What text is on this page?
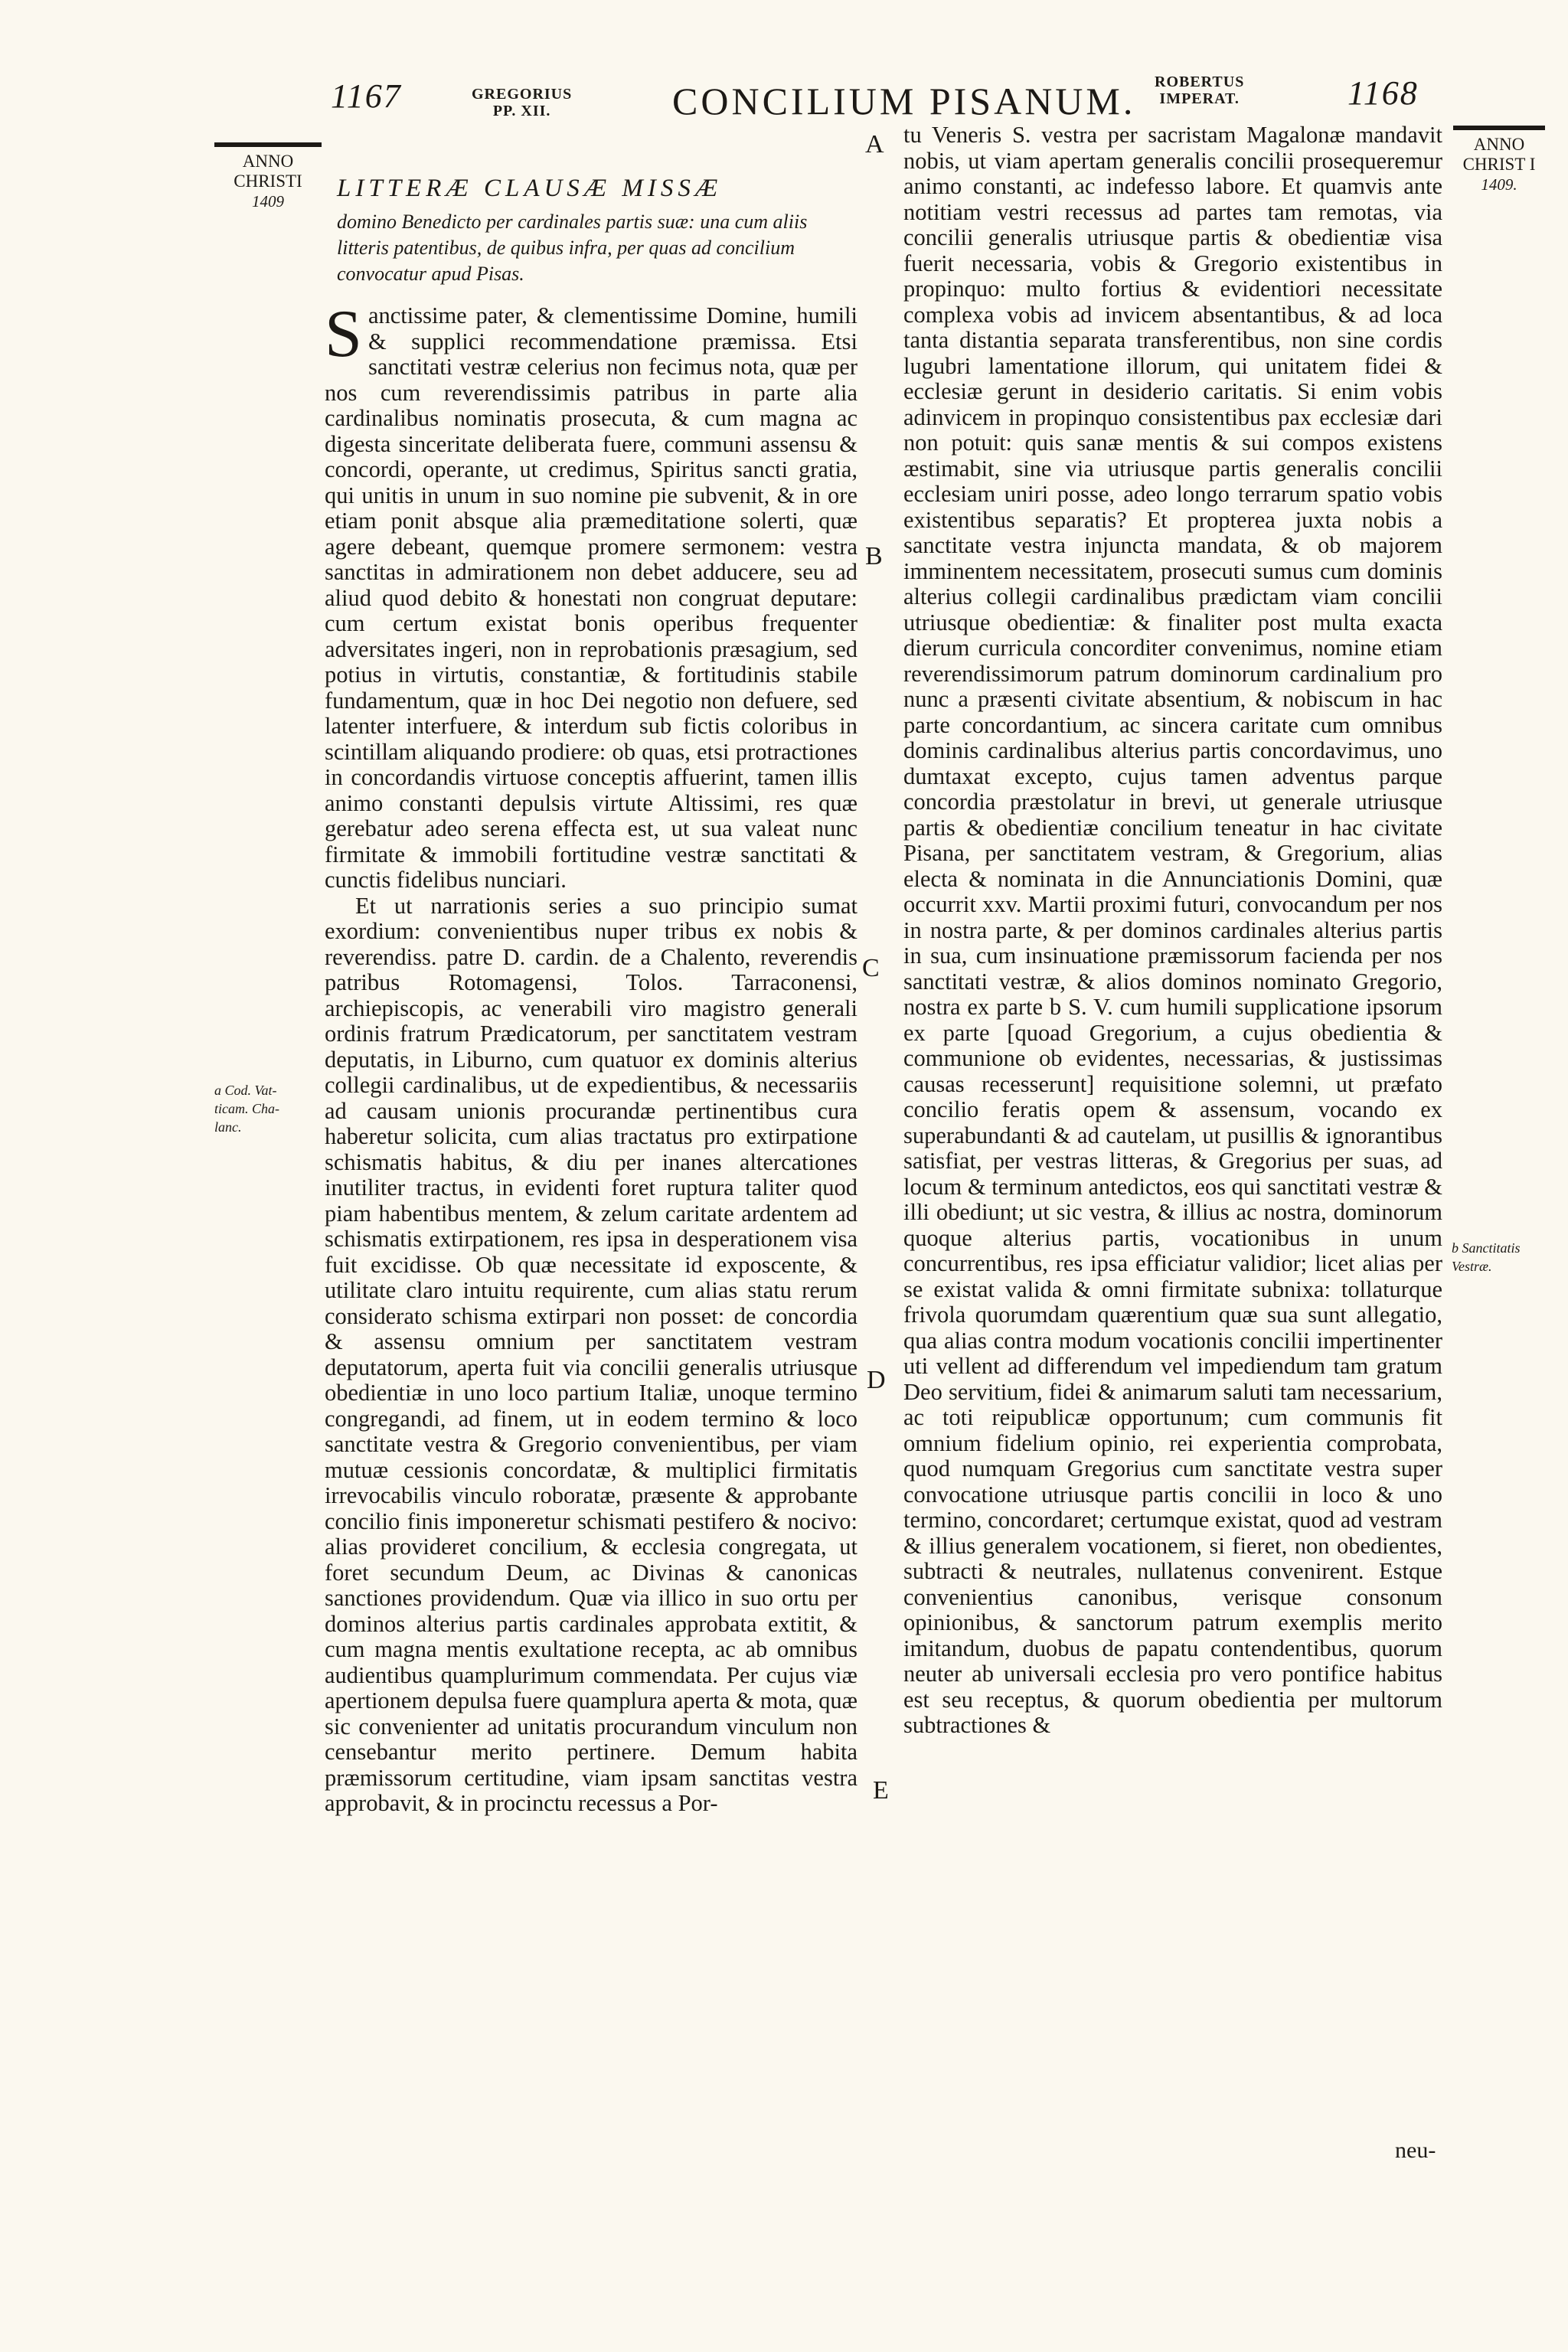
1167	GREGORIUS
PP. XII.	CONCILIUM PISANUM. ROBERTUS
IMPERAT.	1168
ANNO
CHRISTI
1409
a Cod. Vat-
ticam. Cha-
lanc.
ANNO
CHRIST I
1409.
b Sanctitatis
Vestræ.
A
B
C
D
E
LITTERÆ CLAUSÆ MISSÆ
domino Benedicto per cardinales partis suæ: una cum aliis litteris patentibus, de quibus infra, per quas ad concilium convocatur apud Pisas.

Sanctissime pater, & clementissime Domine, humili & supplici recommendatione præmissa. Etsi sanctitati vestræ celerius non fecimus nota, quæ per nos cum reverendissimis patribus in parte alia cardinalibus nominatis prosecuta, & cum magna ac digesta sinceritate deliberata fuere, communi assensu & concordi, operante, ut credimus, Spiritus sancti gratia, qui unitis in unum in suo nomine pie subvenit, & in ore etiam ponit absque alia præmeditatione solerti, quæ agere debeant, quemque promere sermonem: vestra sanctitas in admirationem non debet adducere, seu ad aliud quod debito & honestati non congruat deputare: cum certum existat bonis operibus frequenter adversitates ingeri, non in reprobationis præsagium, sed potius in virtutis, constantiæ, & fortitudinis stabile fundamentum, quæ in hoc Dei negotio non defuere, sed latenter interfuere, & interdum sub fictis coloribus in scintillam aliquando prodiere: ob quas, etsi protractiones in concordandis virtuose conceptis affuerint, tamen illis animo constanti depulsis virtute Altissimi, res quæ gerebatur adeo serena effecta est, ut sua valeat nunc firmitate & immobili fortitudine vestræ sanctitati & cunctis fidelibus nunciari.

Et ut narrationis series a suo principio sumat exordium: convenientibus nuper tribus ex nobis & reverendiss. patre D. cardin. de a Chalento, reverendis patribus Rotomagensi, Tolos. Tarraconensi, archiepiscopis, ac venerabili viro magistro generali ordinis fratrum Prædicatorum, per sanctitatem vestram deputatis, in Liburno, cum quatuor ex dominis alterius collegii cardinalibus, ut de expedientibus, & necessariis ad causam unionis procurandæ pertinentibus cura haberetur solicita, cum alias tractatus pro extirpatione schismatis habitus, & diu per inanes altercationes inutiliter tractus, in evidenti foret ruptura taliter quod piam habentibus mentem, & zelum caritate ardentem ad schismatis extirpationem, res ipsa in desperationem visa fuit excidisse. Ob quæ necessitate id exposcente, & utilitate claro intuitu requirente, cum alias statu rerum considerato schisma extirpari non posset: de concordia & assensu omnium per sanctitatem vestram deputatorum, aperta fuit via concilii generalis utriusque obedientiæ in uno loco partium Italiæ, unoque termino congregandi, ad finem, ut in eodem termino & loco sanctitate vestra & Gregorio convenientibus, per viam mutuæ cessionis concordatæ, & multiplici firmitatis irrevocabilis vinculo roboratæ, præsente & approbante concilio finis imponeretur schismati pestifero & nocivo: alias provideret concilium, & ecclesia congregata, ut foret secundum Deum, ac Divinas & canonicas sanctiones providendum. Quæ via illico in suo ortu per dominos alterius partis cardinales approbata extitit, & cum magna mentis exultatione recepta, ac ab omnibus audientibus quamplurimum commendata. Per cujus viæ apertionem depulsa fuere quamplura aperta & mota, quæ sic convenienter ad unitatis procurandum vinculum non censebantur merito pertinere. Demum habita præmissorum certitudine, viam ipsam sanctitas vestra approbavit, & in procinctu recessus a Por-

tu Veneris S. vestra per sacristam Magalonæ mandavit nobis, ut viam apertam generalis concilii prosequeremur animo constanti, ac indefesso labore. Et quamvis ante notitiam vestri recessus ad partes tam remotas, via concilii generalis utriusque partis & obedientiæ visa fuerit necessaria, vobis & Gregorio existentibus in propinquo: multo fortius & evidentiori necessitate complexa vobis ad invicem absentantibus, & ad loca tanta distantia separata transferentibus, non sine cordis lugubri lamentatione illorum, qui unitatem fidei & ecclesiæ gerunt in desiderio caritatis. Si enim vobis adinvicem in propinquo consistentibus pax ecclesiæ dari non potuit: quis sanæ mentis & sui compos existens æstimabit, sine via utriusque partis generalis concilii ecclesiam uniri posse, adeo longo terrarum spatio vobis existentibus separatis? Et propterea juxta nobis a sanctitate vestra injuncta mandata, & ob majorem imminentem necessitatem, prosecuti sumus cum dominis alterius collegii cardinalibus prædictam viam concilii utriusque obedientiæ: & finaliter post multa exacta dierum curricula concorditer convenimus, nomine etiam reverendissimorum patrum dominorum cardinalium pro nunc a præsenti civitate absentium, & nobiscum in hac parte concordantium, ac sincera caritate cum omnibus dominis cardinalibus alterius partis concordavimus, uno dumtaxat excepto, cujus tamen adventus parque concordia præstolatur in brevi, ut generale utriusque partis & obedientiæ concilium teneatur in hac civitate Pisana, per sanctitatem vestram, & Gregorium, alias electa & nominata in die Annunciationis Domini, quæ occurrit xxv. Martii proximi futuri, convocandum per nos in nostra parte, & per dominos cardinales alterius partis in sua, cum insinuatione præmissorum facienda per nos sanctitati vestræ, & alios dominos nominato Gregorio, nostra ex parte b S. V. cum humili supplicatione ipsorum ex parte [quoad Gregorium, a cujus obedientia & communione ob evidentes, necessarias, & justissimas causas recesserunt] requisitione solemni, ut præfato concilio feratis opem & assensum, vocando ex superabundanti & ad cautelam, ut pusillis & ignorantibus satisfiat, per vestras litteras, & Gregorius per suas, ad locum & terminum antedictos, eos qui sanctitati vestræ & illi obediunt; ut sic vestra, & illius ac nostra, dominorum quoque alterius partis, vocationibus in unum concurrentibus, res ipsa efficiatur validior; licet alias per se existat valida & omni firmitate subnixa: tollaturque frivola quorumdam quærentium quæ sua sunt allegatio, qua alias contra modum vocationis concilii impertinenter uti vellent ad differendum vel impediendum tam gratum Deo servitium, fidei & animarum saluti tam necessarium, ac toti reipublicæ opportunum; cum communis fit omnium fidelium opinio, rei experientia comprobata, quod numquam Gregorius cum sanctitate vestra super convocatione utriusque partis concilii in loco & uno termino, concordaret; certumque existat, quod ad vestram & illius generalem vocationem, si fieret, non obedientes, subtracti & neutrales, nullatenus convenirent. Estque convenientius canonibus, verisque consonum opinionibus, & sanctorum patrum exemplis merito imitandum, duobus de papatu contendentibus, quorum neuter ab universali ecclesia pro vero pontifice habitus est seu receptus, & quorum obedientia per multorum subtractiones &

neu-
